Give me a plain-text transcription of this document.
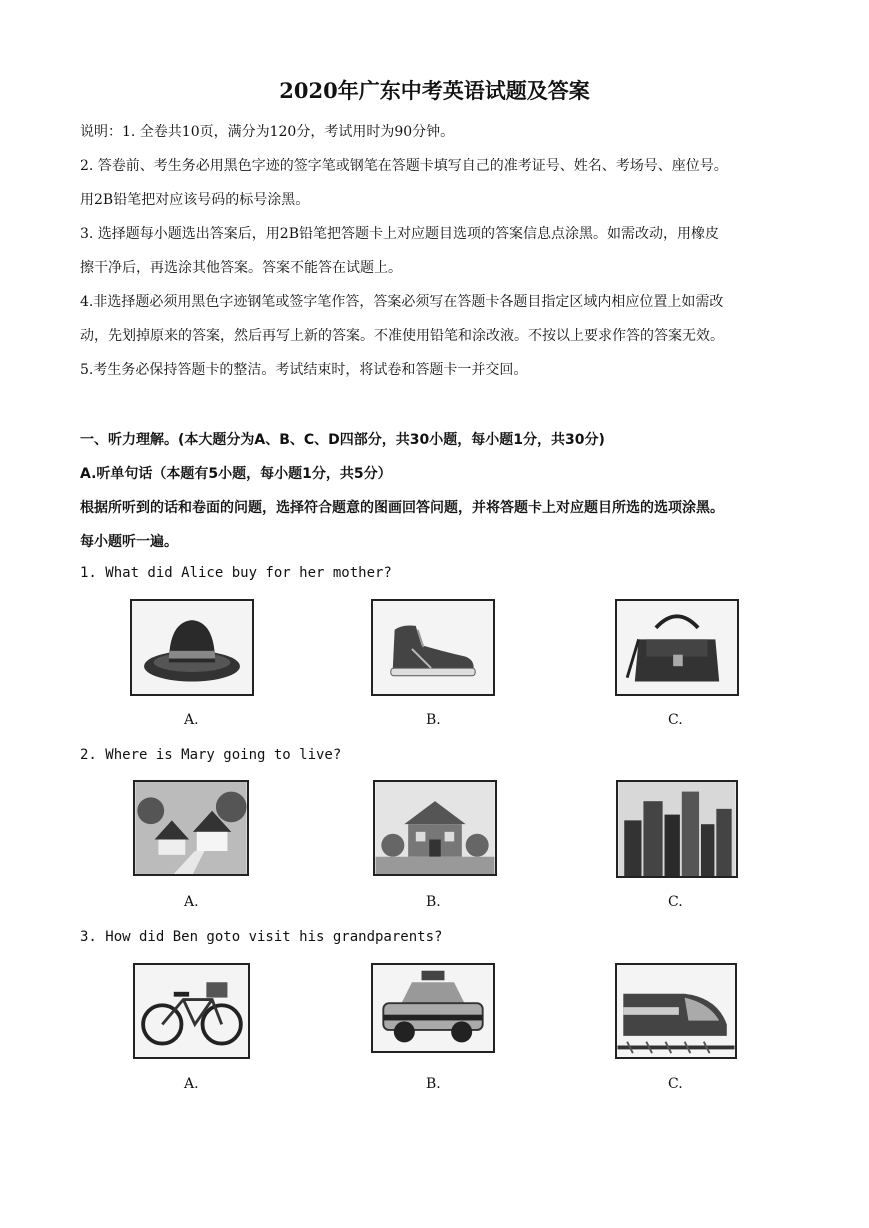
2020年广东中考英语试题及答案
说明：1. 全卷共10页，满分为120分，考试用时为90分钟。
2. 答卷前、考生务必用黑色字迹的签字笔或钢笔在答题卡填写自己的准考证号、姓名、考场号、座位号。
用2B铅笔把对应该号码的标号涂黑。
3. 选择题每小题选出答案后，用2B铅笔把答题卡上对应题目选项的答案信息点涂黑。如需改动，用橡皮
擦干净后，再选涂其他答案。答案不能答在试题上。
4.非选择题必须用黑色字迹钢笔或签字笔作答，答案必须写在答题卡各题目指定区域内相应位置上如需改
动，先划掉原来的答案，然后再写上新的答案。不准使用铅笔和涂改液。不按以上要求作答的答案无效。
5.考生务必保持答题卡的整洁。考试结束时，将试卷和答题卡一并交回。
一、听力理解。(本大题分为A、B、C、D四部分，共30小题，每小题1分，共30分)
A.听单句话（本题有5小题，每小题1分，共5分）
根据所听到的话和卷面的问题，选择符合题意的图画回答问题，并将答题卡上对应题目所选的选项涂黑。
每小题听一遍。
1. What did Alice buy for her mother?
A.	B.	C.
2. Where is Mary going to live?
A.	B.	C.
3. How did Ben goto visit his grandparents?
A.	B.	C.
